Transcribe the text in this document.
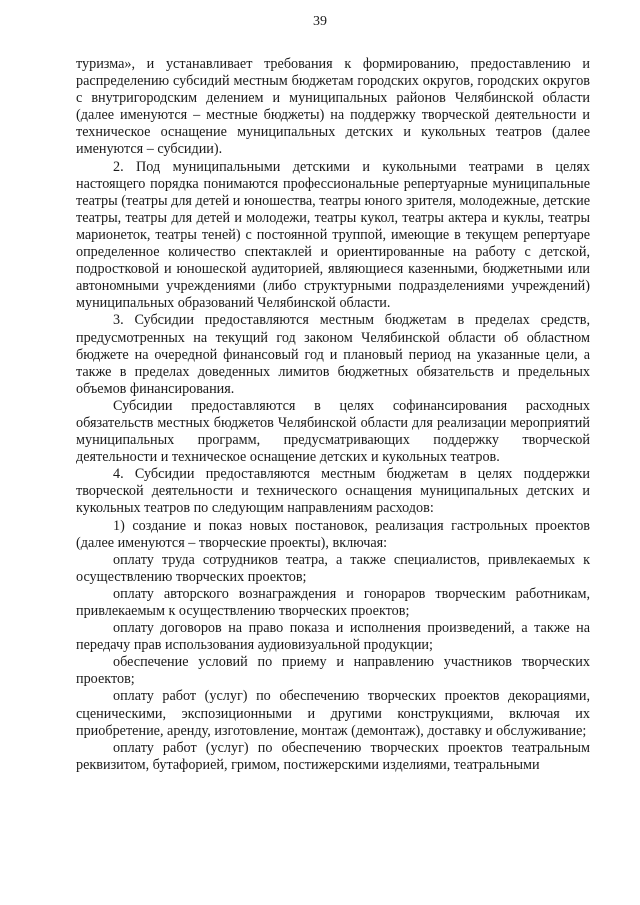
39

туризма», и устанавливает требования к формированию, предоставлению и распределению субсидий местным бюджетам городских округов, городских округов с внутригородским делением и муниципальных районов Челябинской области (далее именуются – местные бюджеты) на поддержку творческой деятельности и техническое оснащение муниципальных детских и кукольных театров (далее именуются – субсидии).

2. Под муниципальными детскими и кукольными театрами в целях настоящего порядка понимаются профессиональные репертуарные муниципальные театры (театры для детей и юношества, театры юного зрителя, молодежные, детские театры, театры для детей и молодежи, театры кукол, театры актера и куклы, театры марионеток, театры теней) с постоянной труппой, имеющие в текущем репертуаре определенное количество спектаклей и ориентированные на работу с детской, подростковой и юношеской аудиторией, являющиеся казенными, бюджетными или автономными учреждениями (либо структурными подразделениями учреждений) муниципальных образований Челябинской области.

3. Субсидии предоставляются местным бюджетам в пределах средств, предусмотренных на текущий год законом Челябинской области об областном бюджете на очередной финансовый год и плановый период на указанные цели, а также в пределах доведенных лимитов бюджетных обязательств и предельных объемов финансирования.

Субсидии предоставляются в целях софинансирования расходных обязательств местных бюджетов Челябинской области для реализации мероприятий муниципальных программ, предусматривающих поддержку творческой деятельности и техническое оснащение детских и кукольных театров.

4. Субсидии предоставляются местным бюджетам в целях поддержки творческой деятельности и технического оснащения муниципальных детских и кукольных театров по следующим направлениям расходов:

1) создание и показ новых постановок, реализация гастрольных проектов (далее именуются – творческие проекты), включая:

оплату труда сотрудников театра, а также специалистов, привлекаемых к осуществлению творческих проектов;

оплату авторского вознаграждения и гонораров творческим работникам, привлекаемым к осуществлению творческих проектов;

оплату договоров на право показа и исполнения произведений, а также на передачу прав использования аудиовизуальной продукции;

обеспечение условий по приему и направлению участников творческих проектов;

оплату работ (услуг) по обеспечению творческих проектов декорациями, сценическими, экспозиционными и другими конструкциями, включая их приобретение, аренду, изготовление, монтаж (демонтаж), доставку и обслуживание;

оплату работ (услуг) по обеспечению творческих проектов театральным реквизитом, бутафорией, гримом, постижерскими изделиями, театральными
